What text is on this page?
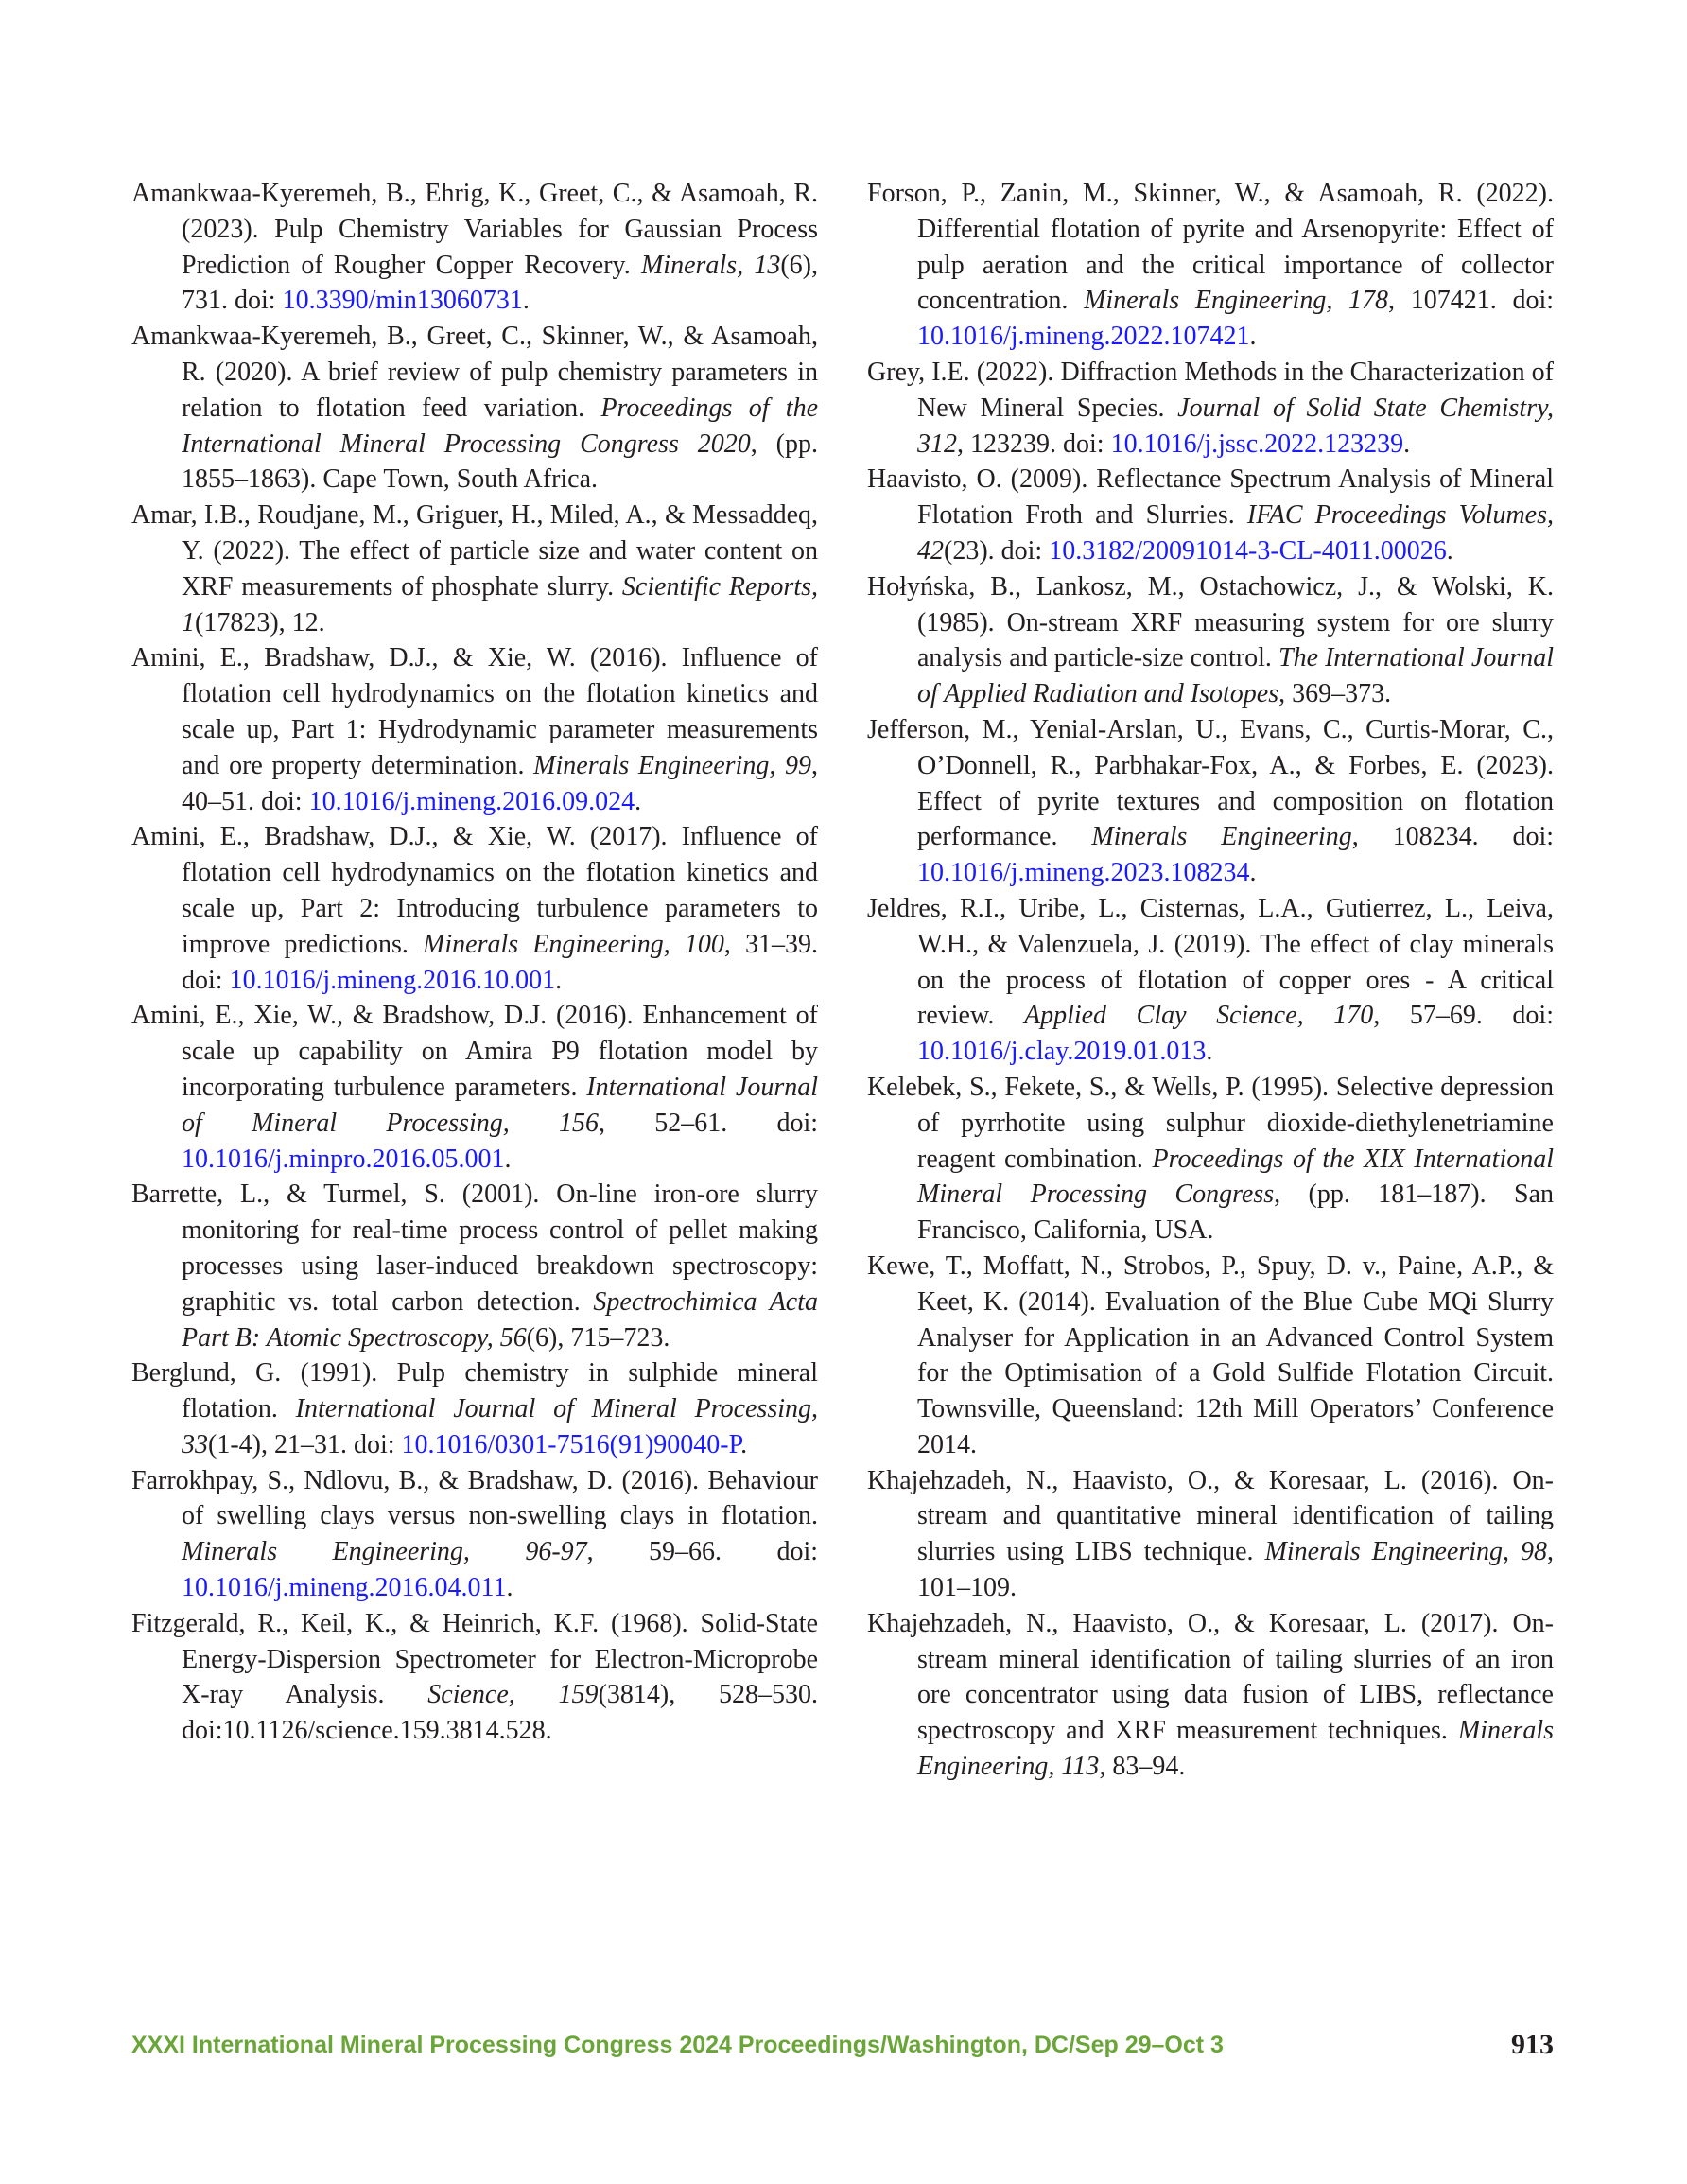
Amankwaa-Kyeremeh, B., Ehrig, K., Greet, C., & Asamoah, R. (2023). Pulp Chemistry Variables for Gaussian Process Prediction of Rougher Copper Recovery. Minerals, 13(6), 731. doi: 10.3390/min13060731.

Amankwaa-Kyeremeh, B., Greet, C., Skinner, W., & Asamoah, R. (2020). A brief review of pulp chemistry parameters in relation to flotation feed variation. Proceedings of the International Mineral Processing Congress 2020, (pp. 1855–1863). Cape Town, South Africa.

Amar, I.B., Roudjane, M., Griguer, H., Miled, A., & Messaddeq, Y. (2022). The effect of particle size and water content on XRF measurements of phosphate slurry. Scientific Reports, 1(17823), 12.

Amini, E., Bradshaw, D.J., & Xie, W. (2016). Influence of flotation cell hydrodynamics on the flotation kinetics and scale up, Part 1: Hydrodynamic parameter measurements and ore property determination. Minerals Engineering, 99, 40–51. doi: 10.1016/j.mineng.2016.09.024.

Amini, E., Bradshaw, D.J., & Xie, W. (2017). Influence of flotation cell hydrodynamics on the flotation kinetics and scale up, Part 2: Introducing turbulence parameters to improve predictions. Minerals Engineering, 100, 31–39. doi: 10.1016/j.mineng.2016.10.001.

Amini, E., Xie, W., & Bradshow, D.J. (2016). Enhancement of scale up capability on Amira P9 flotation model by incorporating turbulence parameters. International Journal of Mineral Processing, 156, 52–61. doi: 10.1016/j.minpro.2016.05.001.

Barrette, L., & Turmel, S. (2001). On-line iron-ore slurry monitoring for real-time process control of pellet making processes using laser-induced breakdown spectroscopy: graphitic vs. total carbon detection. Spectrochimica Acta Part B: Atomic Spectroscopy, 56(6), 715–723.

Berglund, G. (1991). Pulp chemistry in sulphide mineral flotation. International Journal of Mineral Processing, 33(1-4), 21–31. doi: 10.1016/0301-7516(91)90040-P.

Farrokhpay, S., Ndlovu, B., & Bradshaw, D. (2016). Behaviour of swelling clays versus non-swelling clays in flotation. Minerals Engineering, 96-97, 59–66. doi: 10.1016/j.mineng.2016.04.011.

Fitzgerald, R., Keil, K., & Heinrich, K.F. (1968). Solid-State Energy-Dispersion Spectrometer for Electron-Microprobe X-ray Analysis. Science, 159(3814), 528–530. doi:10.1126/science.159.3814.528.

Forson, P., Zanin, M., Skinner, W., & Asamoah, R. (2022). Differential flotation of pyrite and Arsenopyrite: Effect of pulp aeration and the critical importance of collector concentration. Minerals Engineering, 178, 107421. doi: 10.1016/j.mineng.2022.107421.

Grey, I.E. (2022). Diffraction Methods in the Characterization of New Mineral Species. Journal of Solid State Chemistry, 312, 123239. doi: 10.1016/j.jssc.2022.123239.

Haavisto, O. (2009). Reflectance Spectrum Analysis of Mineral Flotation Froth and Slurries. IFAC Proceedings Volumes, 42(23). doi: 10.3182/20091014-3-CL-4011.00026.

Hołyńska, B., Lankosz, M., Ostachowicz, J., & Wolski, K. (1985). On-stream XRF measuring system for ore slurry analysis and particle-size control. The International Journal of Applied Radiation and Isotopes, 369–373.

Jefferson, M., Yenial-Arslan, U., Evans, C., Curtis-Morar, C., O’Donnell, R., Parbhakar-Fox, A., & Forbes, E. (2023). Effect of pyrite textures and composition on flotation performance. Minerals Engineering, 108234. doi: 10.1016/j.mineng.2023.108234.

Jeldres, R.I., Uribe, L., Cisternas, L.A., Gutierrez, L., Leiva, W.H., & Valenzuela, J. (2019). The effect of clay minerals on the process of flotation of copper ores - A critical review. Applied Clay Science, 170, 57–69. doi: 10.1016/j.clay.2019.01.013.

Kelebek, S., Fekete, S., & Wells, P. (1995). Selective depression of pyrrhotite using sulphur dioxide-diethylenetriamine reagent combination. Proceedings of the XIX International Mineral Processing Congress, (pp. 181–187). San Francisco, California, USA.

Kewe, T., Moffatt, N., Strobos, P., Spuy, D. v., Paine, A.P., & Keet, K. (2014). Evaluation of the Blue Cube MQi Slurry Analyser for Application in an Advanced Control System for the Optimisation of a Gold Sulfide Flotation Circuit. Townsville, Queensland: 12th Mill Operators’ Conference 2014.

Khajehzadeh, N., Haavisto, O., & Koresaar, L. (2016). On-stream and quantitative mineral identification of tailing slurries using LIBS technique. Minerals Engineering, 98, 101–109.

Khajehzadeh, N., Haavisto, O., & Koresaar, L. (2017). On-stream mineral identification of tailing slurries of an iron ore concentrator using data fusion of LIBS, reflectance spectroscopy and XRF measurement techniques. Minerals Engineering, 113, 83–94.

XXXI International Mineral Processing Congress 2024 Proceedings/Washington, DC/Sep 29–Oct 3	913
